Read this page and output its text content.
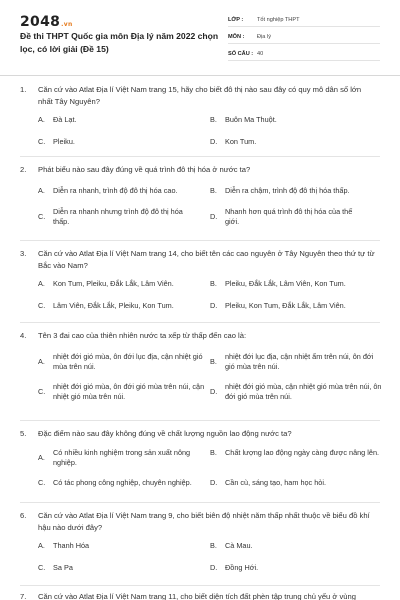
2048.vn
Đề thi THPT Quốc gia môn Địa lý năm 2022 chọn lọc, có lời giải (Đề 15)
LỚP :	Tốt nghiệp THPT
MÔN :	Địa lý
SỐ CÂU : 40
1.	Căn cứ vào Atlat Địa lí Việt Nam trang 15, hãy cho biết đô thị nào sau đây có quy mô dân số lớn nhất Tây Nguyên?
A.	Đà Lạt.	B.	Buôn Ma Thuột.
C.	Pleiku.	D.	Kon Tum.
2.	Phát biểu nào sau đây đúng về quá trình đô thị hóa ở nước ta?
A.	Diễn ra nhanh, trình độ đô thị hóa cao.	B.	Diễn ra chậm, trình độ đô thị hóa thấp.
C.
Diễn ra nhanh nhưng trình độ đô thị hóa thấp.
D.
Nhanh hơn quá trình đô thị hóa của thế giới.
3.	Căn cứ vào Atlat Địa lí Việt Nam trang 14, cho biết tên các cao nguyên ở Tây Nguyên theo thứ tự từ Bắc vào Nam?
A.	Kon Tum, Pleiku, Đắk Lắk, Lâm Viên.	B.	Pleiku, Đắk Lắk, Lâm Viên, Kon Tum.
C.	Lâm Viên, Đắk Lắk, Pleiku, Kon Tum.	D.	Pleiku, Kon Tum, Đắk Lắk, Lâm Viên.
4.	Tên 3 đai cao của thiên nhiên nước ta xếp từ thấp đến cao là:
A.
nhiệt đới gió mùa, ôn đới lục địa, cận nhiệt gió mùa trên núi.
B.
nhiệt đới lục địa, cận nhiệt ẩm trên núi, ôn đới gió mùa trên núi.
C.
nhiệt đới gió mùa, ôn đới gió mùa trên núi, cận nhiệt gió mùa trên núi.
D.
nhiệt đới gió mùa, cận nhiệt gió mùa trên núi, ôn đới gió mùa trên núi.
5.	Đặc điểm nào sau đây không đúng về chất lượng nguồn lao động nước ta?
A.
Có nhiều kinh nghiệm trong sản xuất nông nghiệp.
B.	Chất lượng lao động ngày càng được nâng lên.
C.	Có tác phong công nghiệp, chuyên nghiệp.	D.	Cần cù, sáng tạo, ham học hỏi.
6.	Căn cứ vào Atlat Địa lí Việt Nam trang 9, cho biết biên độ nhiệt năm thấp nhất thuộc về biểu đồ khí hậu nào dưới đây?
A.	Thanh Hóa	B.	Cà Mau.
C.	Sa Pa	D.	Đồng Hới.
7.	Căn cứ vào Atlat Địa lí Việt Nam trang 11, cho biết diện tích đất phèn tập trung chủ yếu ở vùng
